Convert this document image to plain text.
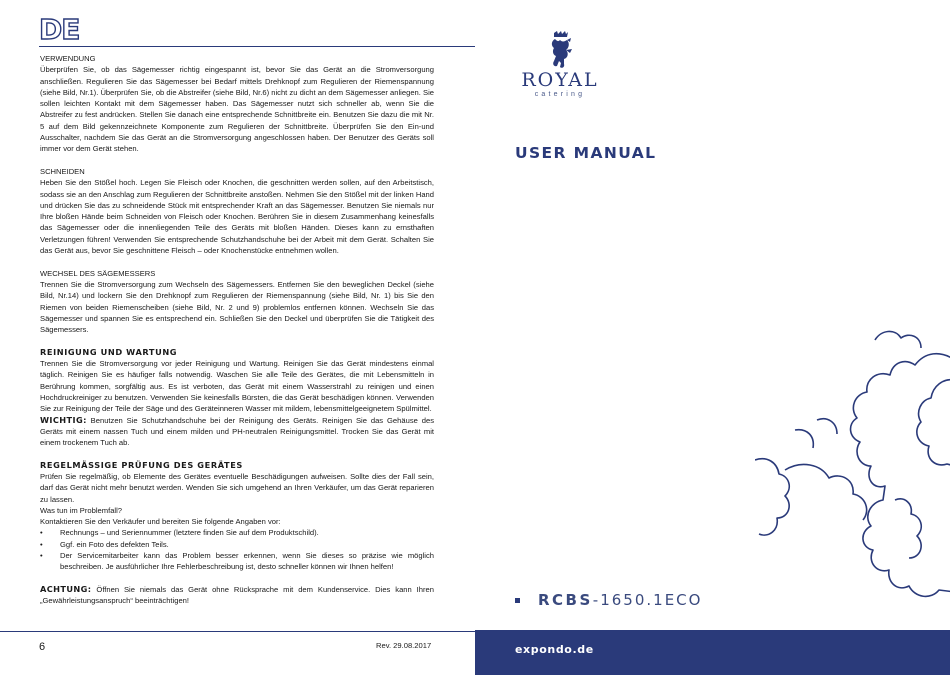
DE
VERWENDUNG
Überprüfen Sie, ob das Sägemesser richtig eingespannt ist, bevor Sie das Gerät an die Stromversorgung anschließen. Regulieren Sie das Sägemesser bei Bedarf mittels Drehknopf zum Regulieren der Riemenspannung (siehe Bild, Nr.1). Überprüfen Sie, ob die Abstreifer (siehe Bild, Nr.6) nicht zu dicht an dem Sägemesser anliegen. Sie sollen leichten Kontakt mit dem Sägemesser haben. Das Sägemesser nutzt sich schneller ab, wenn Sie die Abstreifer zu fest andrücken. Stellen Sie danach eine entsprechende Schnittbreite ein. Benutzen Sie dazu die mit Nr. 5 auf dem Bild gekennzeichnete Komponente zum Regulieren der Schnittbreite. Überprüfen Sie den Ein-und Ausschalter, nachdem Sie das Gerät an die Stromversorgung angeschlossen haben. Der Benutzer des Geräts soll immer vor dem Gerät stehen.
SCHNEIDEN
Heben Sie den Stößel hoch. Legen Sie Fleisch oder Knochen, die geschnitten werden sollen, auf den Arbeitstisch, sodass sie an den Anschlag zum Regulieren der Schnittbreite anstoßen. Nehmen Sie den Stößel mit der linken Hand und drücken Sie das zu schneidende Stück mit entsprechender Kraft an das Sägemesser. Benutzen Sie niemals nur Ihre bloßen Hände beim Schneiden von Fleisch oder Knochen. Berühren Sie in diesem Zusammenhang keinesfalls das Sägemesser oder die innenliegenden Teile des Geräts mit bloßen Händen. Dieses kann zu ernsthaften Verletzungen führen! Verwenden Sie entsprechende Schutzhandschuhe bei der Arbeit mit dem Gerät. Schalten Sie das Gerät aus, bevor Sie geschnittene Fleisch – oder Knochenstücke entnehmen wollen.
WECHSEL DES SÄGEMESSERS
Trennen Sie die Stromversorgung zum Wechseln des Sägemessers. Entfernen Sie den beweglichen Deckel (siehe Bild, Nr.14) und lockern Sie den Drehknopf zum Regulieren der Riemenspannung (siehe Bild, Nr. 1) bis Sie den Riemen von beiden Riemenscheiben (siehe Bild, Nr. 2 und 9) problemlos entfernen können. Wechseln Sie das Sägemesser und spannen Sie es entsprechend ein. Schließen Sie den Deckel und überprüfen Sie die Tätigkeit des Sägemessers.
REINIGUNG UND WARTUNG
Trennen Sie die Stromversorgung vor jeder Reinigung und Wartung. Reinigen Sie das Gerät mindestens einmal täglich. Reinigen Sie es häufiger falls notwendig. Waschen Sie alle Teile des Gerätes, die mit Lebensmitteln in Berührung kommen, sorgfältig aus. Es ist verboten, das Gerät mit einem Wasserstrahl zu reinigen und einen Hochdruckreiniger zu benutzen. Verwenden Sie keinesfalls Bürsten, die das Gerät beschädigen können. Verwenden Sie zur Reinigung der Teile der Säge und des Geräteinneren Wasser mit mildem, lebensmittelgeeignetem Spülmittel.
WICHTIG: Benutzen Sie Schutzhandschuhe bei der Reinigung des Geräts. Reinigen Sie das Gehäuse des Geräts mit einem nassen Tuch und einem milden und PH-neutralen Reinigungsmittel. Trocken Sie das Gerät mit einem trockenem Tuch ab.
REGELMÄSSIGE PRÜFUNG DES GERÄTES
Prüfen Sie regelmäßig, ob Elemente des Gerätes eventuelle Beschädigungen aufweisen. Sollte dies der Fall sein, darf das Gerät nicht mehr benutzt werden. Wenden Sie sich umgehend an Ihren Verkäufer, um das Gerät reparieren zu lassen.
Was tun im Problemfall?
Kontaktieren Sie den Verkäufer und bereiten Sie folgende Angaben vor:
• Rechnungs – und Seriennummer (letztere finden Sie auf dem Produktschild).
• Ggf. ein Foto des defekten Teils.
• Der Servicemitarbeiter kann das Problem besser erkennen, wenn Sie dieses so präzise wie möglich beschreiben. Je ausführlicher Ihre Fehlerbeschreibung ist, desto schneller können wir Ihnen helfen!
ACHTUNG: Öffnen Sie niemals das Gerät ohne Rücksprache mit dem Kundenservice. Dies kann Ihren „Gewährleistungsanspruch“ beeinträchtigen!
6	Rev. 29.08.2017
ROYAL
catering
USER MANUAL
RCBS -1650.1ECO
expondo.de
